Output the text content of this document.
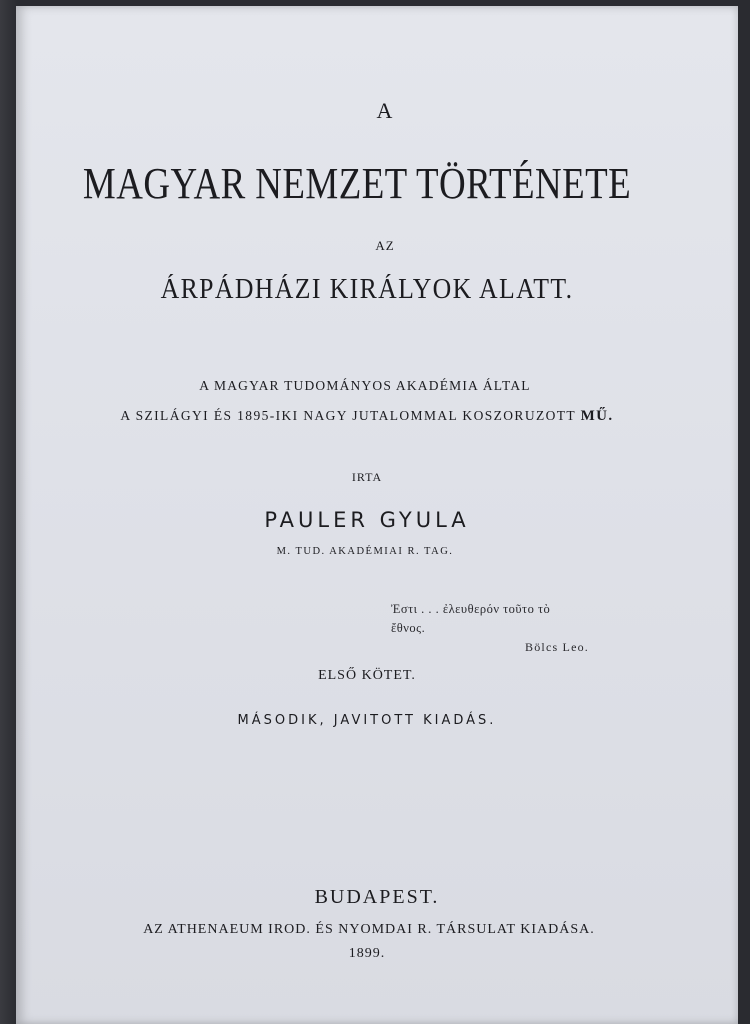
A
MAGYAR NEMZET TÖRTÉNETE
AZ
ÁRPÁDHÁZI KIRÁLYOK ALATT.
A MAGYAR TUDOMÁNYOS AKADÉMIA ÁLTAL
A SZILÁGYI ÉS 1895-IKI NAGY JUTALOMMAL KOSZORUZOTT MŰ.
IRTA
PAULER GYULA
M. TUD. AKADÉMIAI R. TAG.
Ἐστι . . . ἐλευθερόν τοῦτο τὸ
ἔθνος.
Bölcs Leo.
ELSŐ KÖTET.
MÁSODIK, JAVITOTT KIADÁS.
BUDAPEST.
AZ ATHENAEUM IROD. ÉS NYOMDAI R. TÁRSULAT KIADÁSA.
1899.
